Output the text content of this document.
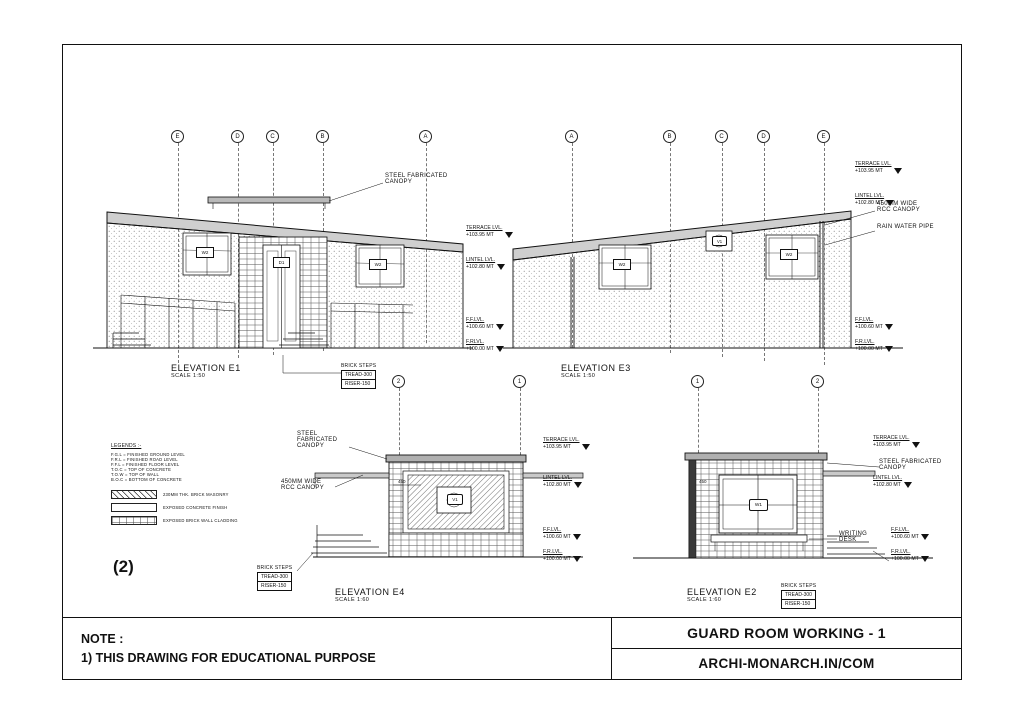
E	D	C	B	A
STEEL FABRICATED
CANOPY
W2
D1	W2
TERRACE LVL.
+103.95 MT
LINTEL LVL.
+102.80 MT
F.F.LVL.
+100.60 MT
F.RLVL.
+100.00 MT
BRICK STEPS
TREAD-300
RISER-150
ELEVATION E1
SCALE 1:50
A	B	C	D	E
W2
V1
W2
450MM WIDE
RCC CANOPY
RAIN WATER PIPE
TERRACE LVL.
+103.95 MT
LINTEL LVL.
+102.80 MT
F.F.LVL.
+100.60 MT
F.R.LVL.
+100.00 MT
ELEVATION E3
SCALE 1:50
LEGENDS :-
F.G.L = FINISHED GROUND LEVEL
F.R.L = FINISHED ROAD LEVEL
F.F.L = FINISHED FLOOR LEVEL
T.O.C = TOP OF CONCRETE
T.O.W = TOP OF WALL
B.O.C = BOTTOM OF CONCRETE
230MM THK. BRICK MASONRY
EXPOSED CONCRETE FINISH
EXPOSED BRICK WALL CLADDING
(2)
2	1
STEEL
FABRICATED
CANOPY
450MM WIDE
RCC CANOPY
450
V1
TERRACE LVL.
+103.95 MT
LINTEL LVL.
+102.80 MT
F.F.LVL.
+100.60 MT
F.R.LVL.
+100.00 MT
BRICK STEPS
TREAD-300
RISER-150
ELEVATION E4
SCALE 1:60
1	2
450
W1
STEEL FABRICATED
CANOPY
WRITING
DESK
TERRACE LVL.
+103.95 MT
LINTEL LVL.
+102.80 MT
F.F.LVL.
+100.60 MT
F.R.LVL.
+100.00 MT
BRICK STEPS
TREAD-300
RISER-150
ELEVATION E2
SCALE 1:60
NOTE :
1) THIS DRAWING FOR EDUCATIONAL PURPOSE
GUARD ROOM WORKING - 1
ARCHI-MONARCH.IN/COM
